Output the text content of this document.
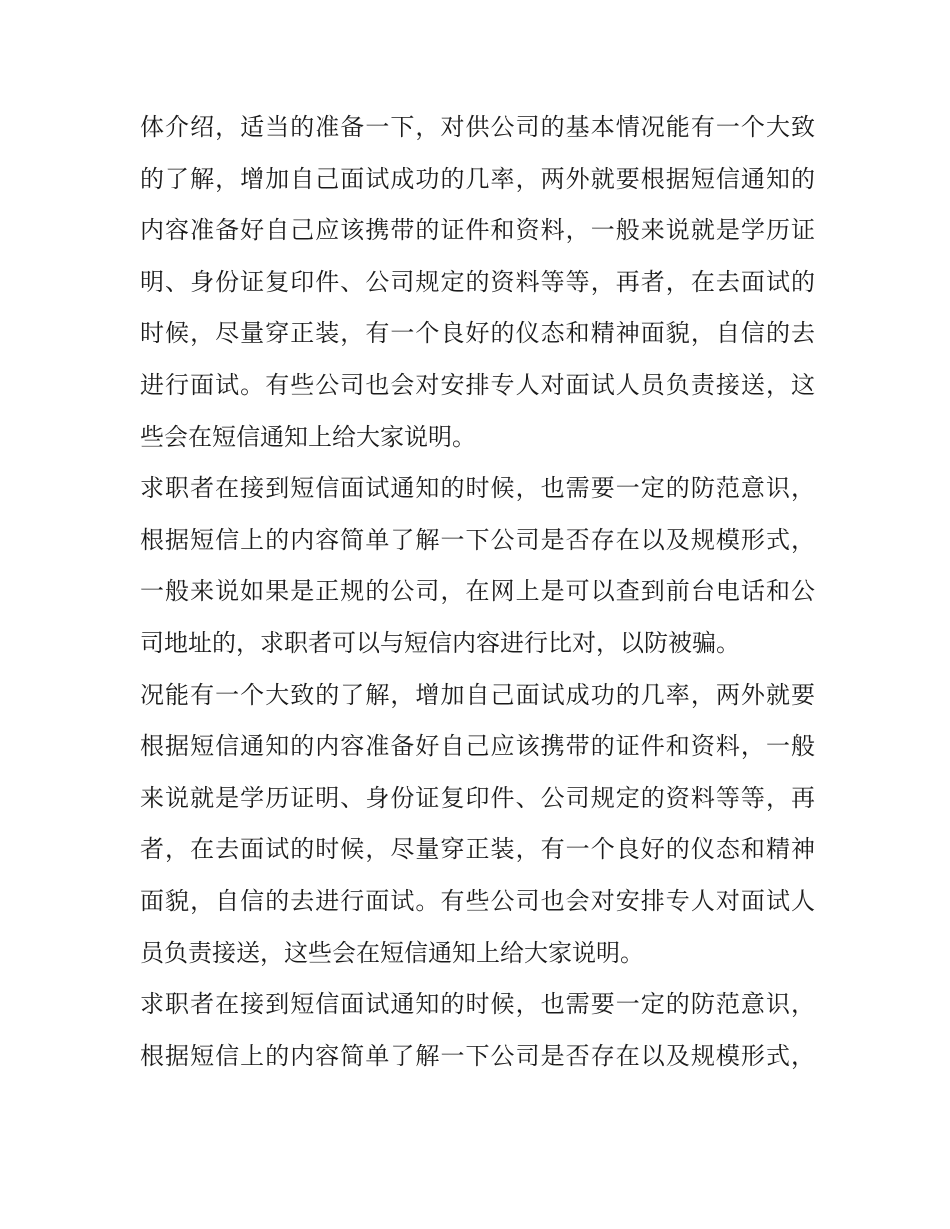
体介绍，适当的准备一下，对供公司的基本情况能有一个大致
的了解，增加自己面试成功的几率，两外就要根据短信通知的
内容准备好自己应该携带的证件和资料，一般来说就是学历证
明、身份证复印件、公司规定的资料等等，再者，在去面试的
时候，尽量穿正装，有一个良好的仪态和精神面貌，自信的去
进行面试。有些公司也会对安排专人对面试人员负责接送，这
些会在短信通知上给大家说明。
求职者在接到短信面试通知的时候，也需要一定的防范意识，
根据短信上的内容简单了解一下公司是否存在以及规模形式，
一般来说如果是正规的公司，在网上是可以查到前台电话和公
司地址的，求职者可以与短信内容进行比对，以防被骗。
况能有一个大致的了解，增加自己面试成功的几率，两外就要
根据短信通知的内容准备好自己应该携带的证件和资料，一般
来说就是学历证明、身份证复印件、公司规定的资料等等，再
者，在去面试的时候，尽量穿正装，有一个良好的仪态和精神
面貌，自信的去进行面试。有些公司也会对安排专人对面试人
员负责接送，这些会在短信通知上给大家说明。
求职者在接到短信面试通知的时候，也需要一定的防范意识，
根据短信上的内容简单了解一下公司是否存在以及规模形式，
